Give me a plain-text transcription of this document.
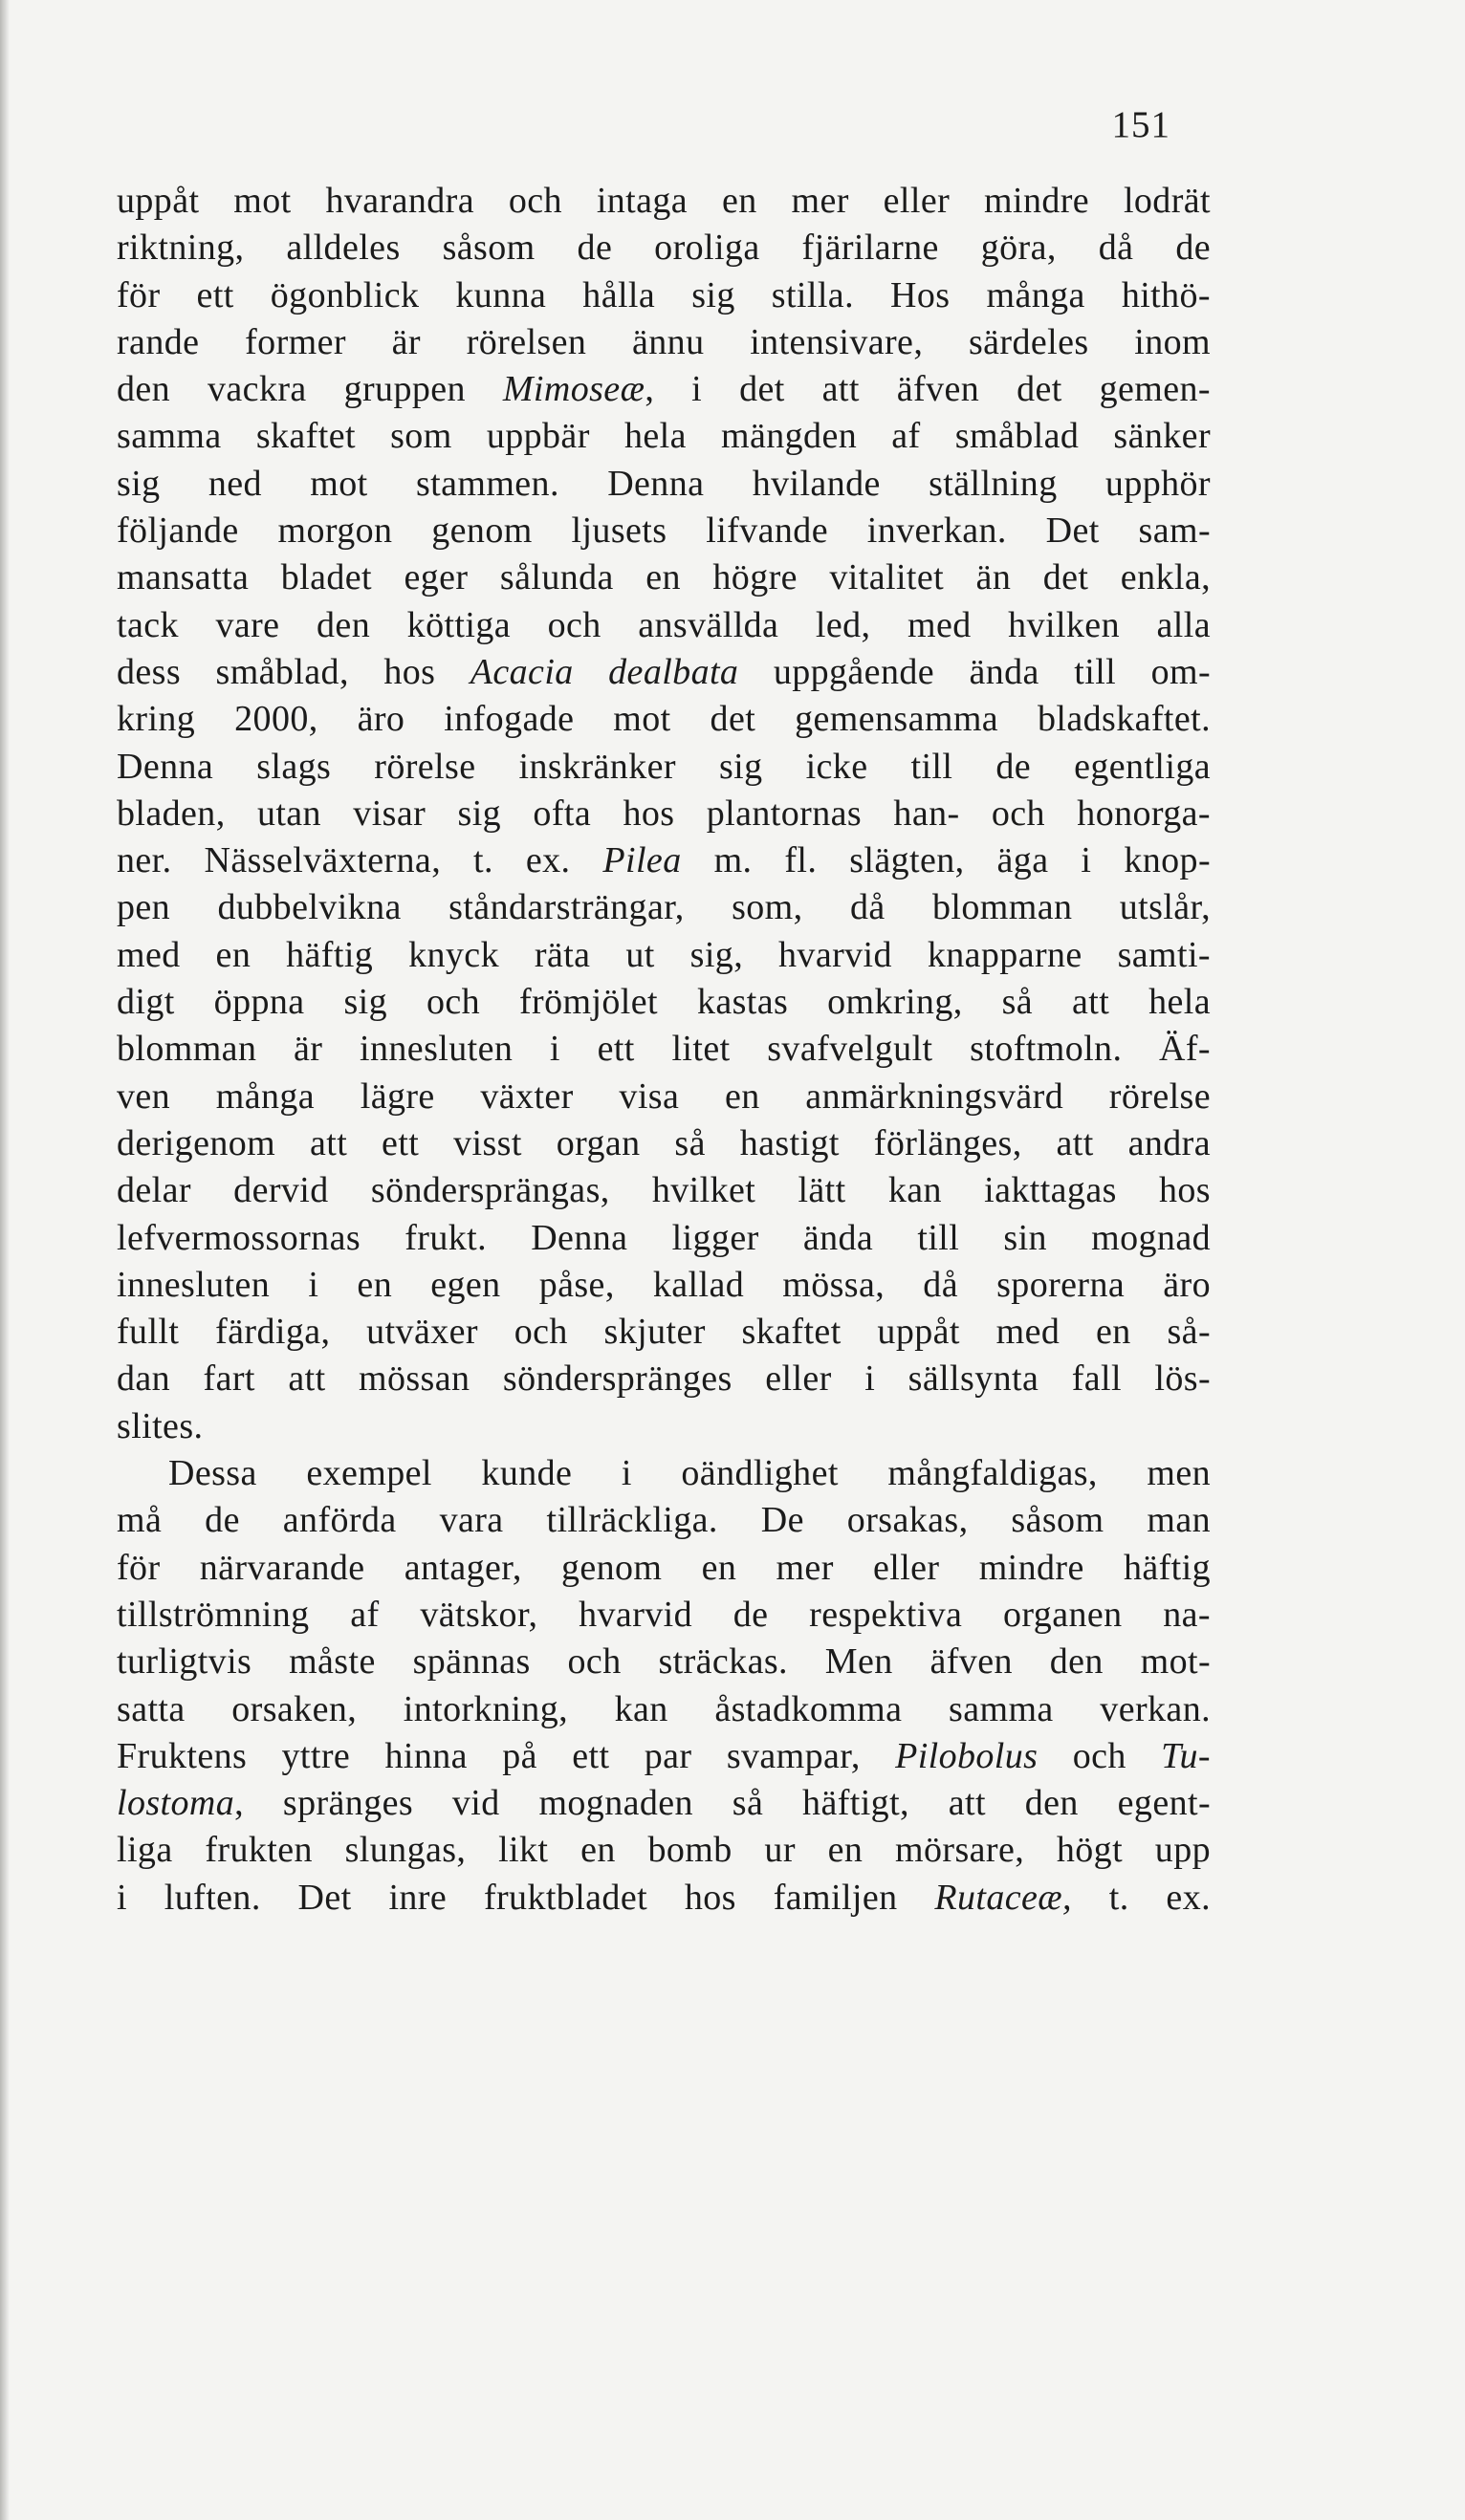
151
uppåt mot hvarandra och intaga en mer eller mindre lodrät
riktning, alldeles såsom de oroliga fjärilarne göra, då de
för ett ögonblick kunna hålla sig stilla. Hos många hithö-
rande former är rörelsen ännu intensivare, särdeles inom
den vackra gruppen Mimoseæ, i det att äfven det gemen-
samma skaftet som uppbär hela mängden af småblad sänker
sig ned mot stammen. Denna hvilande ställning upphör
följande morgon genom ljusets lifvande inverkan. Det sam-
mansatta bladet eger sålunda en högre vitalitet än det enkla,
tack vare den köttiga och ansvällda led, med hvilken alla
dess småblad, hos Acacia dealbata uppgående ända till om-
kring 2000, äro infogade mot det gemensamma bladskaftet.
Denna slags rörelse inskränker sig icke till de egentliga
bladen, utan visar sig ofta hos plantornas han- och honorga-
ner. Nässelväxterna, t. ex. Pilea m. fl. slägten, äga i knop-
pen dubbelvikna ståndarsträngar, som, då blomman utslår,
med en häftig knyck räta ut sig, hvarvid knapparne samti-
digt öppna sig och frömjölet kastas omkring, så att hela
blomman är innesluten i ett litet svafvelgult stoftmoln. Äf-
ven många lägre växter visa en anmärkningsvärd rörelse
derigenom att ett visst organ så hastigt förlänges, att andra
delar dervid söndersprängas, hvilket lätt kan iakttagas hos
lefvermossornas frukt. Denna ligger ända till sin mognad
innesluten i en egen påse, kallad mössa, då sporerna äro
fullt färdiga, utväxer och skjuter skaftet uppåt med en så-
dan fart att mössan sönderspränges eller i sällsynta fall lös-
slites.
Dessa exempel kunde i oändlighet mångfaldigas, men
må de anförda vara tillräckliga. De orsakas, såsom man
för närvarande antager, genom en mer eller mindre häftig
tillströmning af vätskor, hvarvid de respektiva organen na-
turligtvis måste spännas och sträckas. Men äfven den mot-
satta orsaken, intorkning, kan åstadkomma samma verkan.
Fruktens yttre hinna på ett par svampar, Pilobolus och Tu-
lostoma, spränges vid mognaden så häftigt, att den egent-
liga frukten slungas, likt en bomb ur en mörsare, högt upp
i luften. Det inre fruktbladet hos familjen Rutaceæ, t. ex.
